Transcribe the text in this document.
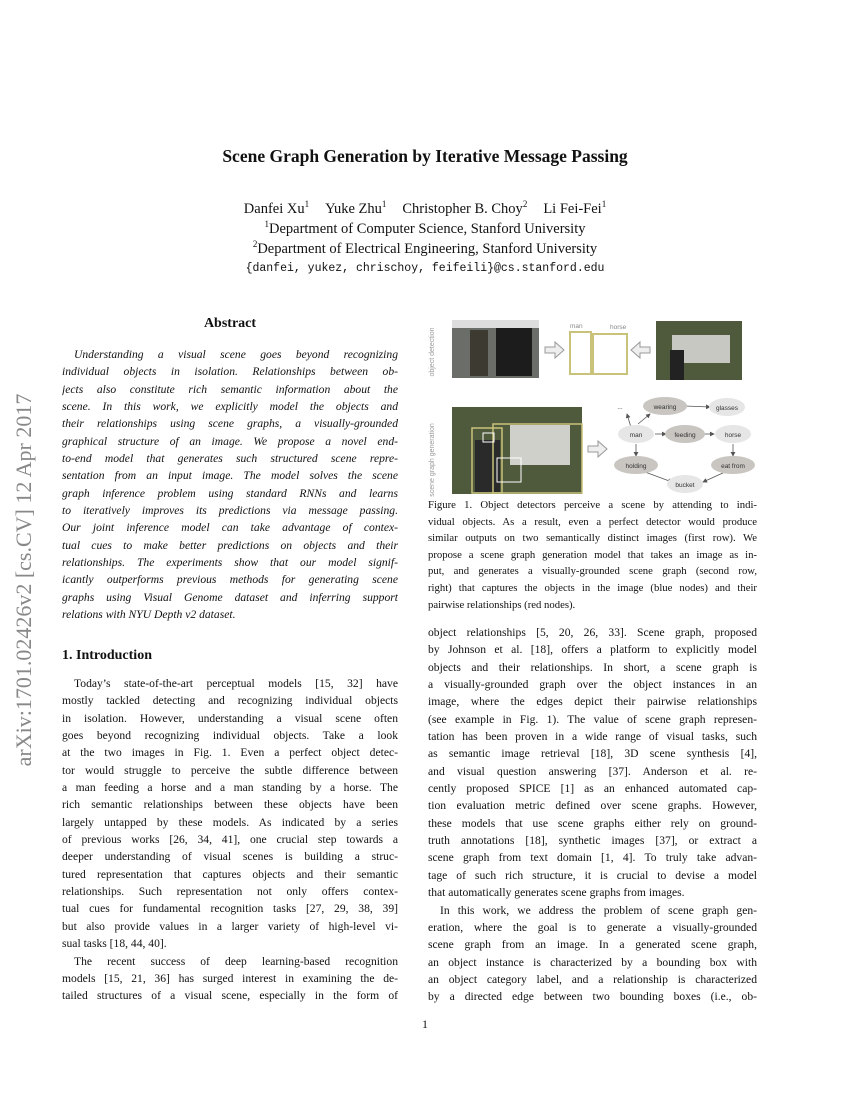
arXiv:1701.02426v2 [cs.CV] 12 Apr 2017
Scene Graph Generation by Iterative Message Passing
Danfei Xu$^1$ Yuke Zhu$^1$ Christopher B. Choy$^2$ Li Fei-Fei$^1$
$^1$Department of Computer Science, Stanford University
$^2$Department of Electrical Engineering, Stanford University
{danfei, yukez, chrischoy, feifeili}@cs.stanford.edu
Abstract
Understanding a visual scene goes beyond recognizing
individual objects in isolation. Relationships between ob-
jects also constitute rich semantic information about the
scene. In this work, we explicitly model the objects and
their relationships using scene graphs, a visually-grounded
graphical structure of an image. We propose a novel end-
to-end model that generates such structured scene repre-
sentation from an input image. The model solves the scene
graph inference problem using standard RNNs and learns
to iteratively improves its predictions via message passing.
Our joint inference model can take advantage of contex-
tual cues to make better predictions on objects and their
relationships. The experiments show that our model signif-
icantly outperforms previous methods for generating scene
graphs using Visual Genome dataset and inferring support
relations with NYU Depth v2 dataset.
1. Introduction
Today’s state-of-the-art perceptual models [15, 32] have
mostly tackled detecting and recognizing individual objects
in isolation. However, understanding a visual scene often
goes beyond recognizing individual objects. Take a look
at the two images in Fig. 1. Even a perfect object detec-
tor would struggle to perceive the subtle difference between
a man feeding a horse and a man standing by a horse. The
rich semantic relationships between these objects have been
largely untapped by these models. As indicated by a series
of previous works [26, 34, 41], one crucial step towards a
deeper understanding of visual scenes is building a struc-
tured representation that captures objects and their semantic
relationships. Such representation not only offers contex-
tual cues for fundamental recognition tasks [27, 29, 38, 39]
but also provide values in a larger variety of high-level vi-
sual tasks [18, 44, 40].
The recent success of deep learning-based recognition
models [15, 21, 36] has surged interest in examining the de-
tailed structures of a visual scene, especially in the form of
object relationships [5, 20, 26, 33]. Scene graph, proposed
by Johnson et al. [18], offers a platform to explicitly model
objects and their relationships. In short, a scene graph is
a visually-grounded graph over the object instances in an
image, where the edges depict their pairwise relationships
(see example in Fig. 1). The value of scene graph represen-
tation has been proven in a wide range of visual tasks, such
as semantic image retrieval [18], 3D scene synthesis [4],
and visual question answering [37]. Anderson et al. re-
cently proposed SPICE [1] as an enhanced automated cap-
tion evaluation metric defined over scene graphs. However,
these models that use scene graphs either rely on ground-
truth annotations [18], synthetic images [37], or extract a
scene graph from text domain [1, 4]. To truly take advan-
tage of such rich structure, it is crucial to devise a model
that automatically generates scene graphs from images.
In this work, we address the problem of scene graph gen-
eration, where the goal is to generate a visually-grounded
scene graph from an image. In a generated scene graph,
an object instance is characterized by a bounding box with
an object category label, and a relationship is characterized
by a directed edge between two bounding boxes (i.e., ob-
object detection
scene graph generation
man	horse
...	wearing	glasses
man	feeding	horse
holding	eat from
bucket
Figure 1. Object detectors perceive a scene by attending to indi-
vidual objects. As a result, even a perfect detector would produce
similar outputs on two semantically distinct images (first row). We
propose a scene graph generation model that takes an image as in-
put, and generates a visually-grounded scene graph (second row,
right) that captures the objects in the image (blue nodes) and their
pairwise relationships (red nodes).
1
